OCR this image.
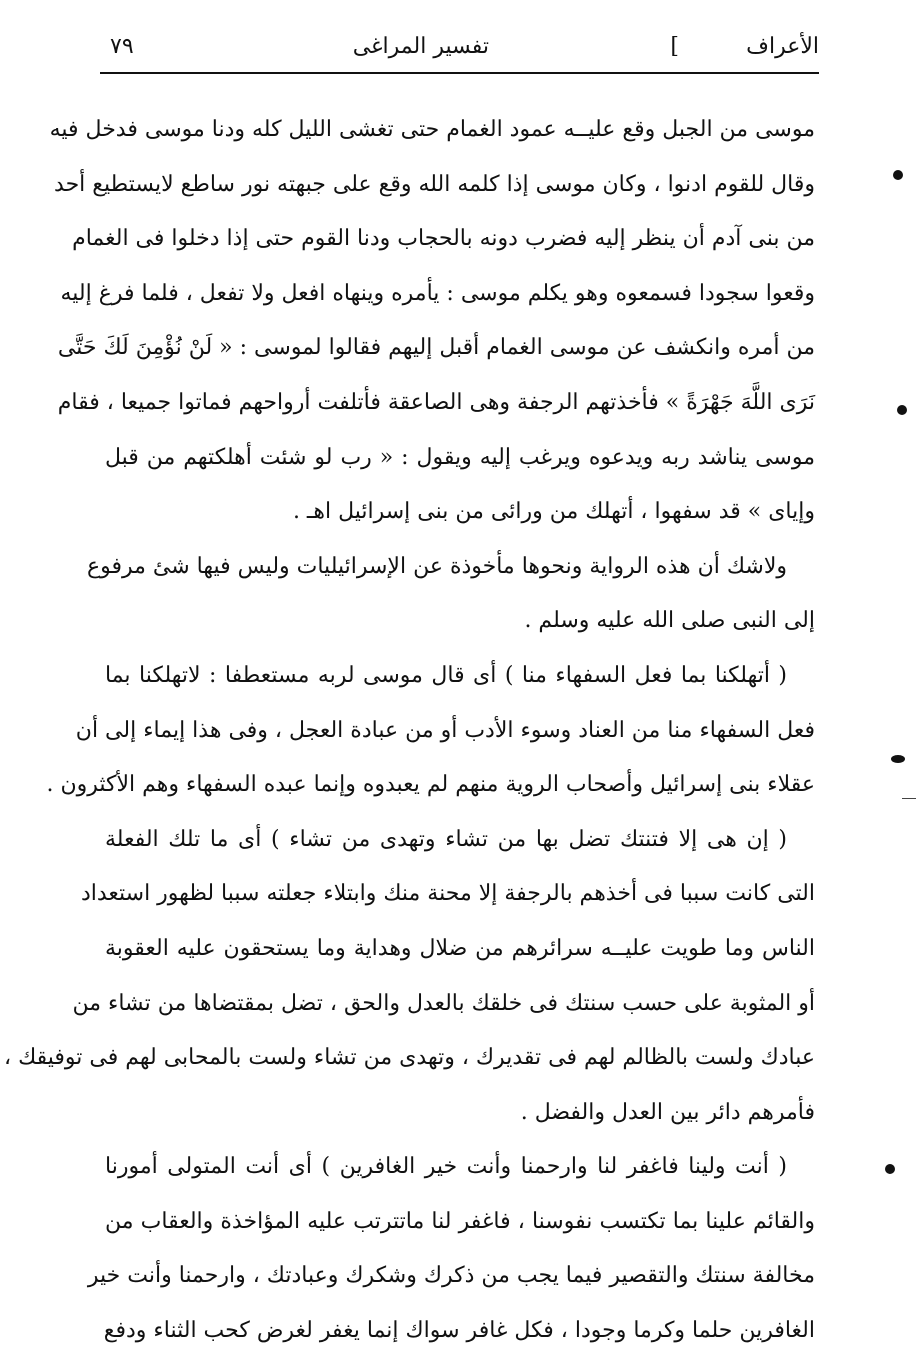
الأعراف
]
تفسير المراغى
٧٩
موسى من الجبل وقع عليــه عمود الغمام حتى تغشى الليل كله ودنا موسى فدخل فيه
وقال للقوم ادنوا ، وكان موسى إذا كلمه الله وقع على جبهته نور ساطع لايستطيع أحد
من بنى آدم أن ينظر إليه فضرب دونه بالحجاب ودنا القوم حتى إذا دخلوا فى الغمام
وقعوا سجودا فسمعوه وهو يكلم موسى : يأمره وينهاه افعل ولا تفعل ، فلما فرغ إليه
من أمره وانكشف عن موسى الغمام أقبل إليهم فقالوا لموسى : « لَنْ نُؤْمِنَ لَكَ حَتَّى
نَرَى اللَّهَ جَهْرَةً » فأخذتهم الرجفة وهى الصاعقة فأتلفت أرواحهم فماتوا جميعا ، فقام
موسى يناشد ربه ويدعوه ويرغب إليه ويقول : « رب لو شئت أهلكتهم من قبل
وإياى » قد سفهوا ، أتهلك من ورائى من بنى إسرائيل اهـ .
ولاشك أن هذه الرواية ونحوها مأخوذة عن الإسرائيليات وليس فيها شئ مرفوع
إلى النبى صلى الله عليه وسلم .
( أتهلكنا بما فعل السفهاء منا ) أى قال موسى لربه مستعطفا : لاتهلكنا بما
فعل السفهاء منا من العناد وسوء الأدب أو من عبادة العجل ، وفى هذا إيماء إلى أن
عقلاء بنى إسرائيل وأصحاب الروية منهم لم يعبدوه وإنما عبده السفهاء وهم الأكثرون .
( إن هى إلا فتنتك تضل بها من تشاء وتهدى من تشاء ) أى ما تلك الفعلة
التى كانت سببا فى أخذهم بالرجفة إلا محنة منك وابتلاء جعلته سببا لظهور استعداد
الناس وما طويت عليــه سرائرهم من ضلال وهداية وما يستحقون عليه العقوبة
أو المثوبة على حسب سنتك فى خلقك بالعدل والحق ، تضل بمقتضاها من تشاء من
عبادك ولست بالظالم لهم فى تقديرك ، وتهدى من تشاء ولست بالمحابى لهم فى توفيقك ،
فأمرهم دائر بين العدل والفضل .
( أنت ولينا فاغفر لنا وارحمنا وأنت خير الغافرين ) أى أنت المتولى أمورنا
والقائم علينا بما تكتسب نفوسنا ، فاغفر لنا ماتترتب عليه المؤاخذة والعقاب من
مخالفة سنتك والتقصير فيما يجب من ذكرك وشكرك وعبادتك ، وارحمنا وأنت خير
الغافرين حلما وكرما وجودا ، فكل غافر سواك إنما يغفر لغرض كحب الثناء ودفع
